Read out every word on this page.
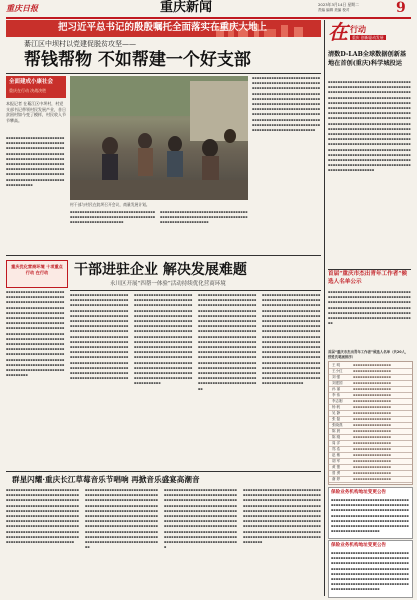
重庆日报	重庆新闻	2023年3月14日 星期二
责编 编辑 美编 校对	9
把习近平总书记的殷殷嘱托全面落实在重庆大地上
綦江区中坝村以党建促脱贫攻坚——
帮钱帮物 不如帮建一个好支部
全面建成小康社会
重庆在行动 决战决胜
本报记者 在綦江区中坝村，村党支部书记带领村民发展产业，昔日贫困村如今变了模样，村民收入节节攀高。
▪▪▪▪▪▪▪▪▪▪▪▪▪▪▪▪▪▪▪▪▪▪▪▪▪▪▪▪▪▪▪▪▪▪▪▪▪▪▪▪▪▪▪▪▪▪▪▪▪▪▪▪▪▪▪▪▪▪▪▪▪▪▪▪▪▪▪▪▪▪▪▪▪▪▪▪▪▪▪▪▪▪▪▪▪▪▪▪▪▪▪▪▪▪▪▪▪▪▪▪▪▪▪▪▪▪▪▪▪▪▪▪▪▪▪▪▪▪▪▪▪▪▪▪▪▪▪▪▪▪▪▪▪▪▪▪▪▪▪▪▪▪▪▪▪▪▪▪▪▪▪▪▪▪▪▪▪▪▪▪▪▪▪▪▪▪▪▪▪▪▪▪▪▪▪▪▪▪▪▪▪▪▪▪▪▪▪▪▪▪▪▪▪▪▪▪▪▪▪▪▪▪▪▪▪▪▪▪▪▪▪▪▪▪▪▪▪▪▪▪▪▪▪▪▪▪▪
村干部与村民在院坝召开会议，商量发展计划。
▪▪▪▪▪▪▪▪▪▪▪▪▪▪▪▪▪▪▪▪▪▪▪▪▪▪▪▪▪▪▪▪▪▪▪▪▪▪▪▪▪▪▪▪▪▪▪▪▪▪▪▪▪▪▪▪▪▪▪▪▪▪▪▪▪▪▪▪▪▪▪▪▪▪▪▪▪▪▪▪▪▪▪▪▪▪▪▪▪▪▪▪
▪▪▪▪▪▪▪▪▪▪▪▪▪▪▪▪▪▪▪▪▪▪▪▪▪▪▪▪▪▪▪▪▪▪▪▪▪▪▪▪▪▪▪▪▪▪▪▪▪▪▪▪▪▪▪▪▪▪▪▪▪▪▪▪▪▪▪▪▪▪▪▪▪▪▪▪▪▪▪▪▪▪▪▪▪▪▪▪▪▪▪▪
▪▪▪▪▪▪▪▪▪▪▪▪▪▪▪▪▪▪▪▪▪▪▪▪▪▪▪▪▪▪▪▪▪▪▪▪▪▪▪▪▪▪▪▪▪▪▪▪▪▪▪▪▪▪▪▪▪▪▪▪▪▪▪▪▪▪▪▪▪▪▪▪▪▪▪▪▪▪▪▪▪▪▪▪▪▪▪▪▪▪▪▪▪▪▪▪▪▪▪▪▪▪▪▪▪▪▪▪▪▪▪▪▪▪▪▪▪▪▪▪▪▪▪▪▪▪▪▪▪▪▪▪▪▪▪▪▪▪▪▪▪▪▪▪▪▪▪▪▪▪▪▪▪▪▪▪▪▪▪▪▪▪▪▪▪▪▪▪▪▪▪▪▪▪▪▪▪▪▪▪▪▪▪▪▪▪▪▪▪▪▪▪▪▪▪▪▪▪▪▪▪▪▪▪▪▪▪▪▪▪▪▪▪▪▪▪▪▪▪▪▪▪▪▪▪▪▪▪▪▪▪▪▪▪▪▪▪▪▪▪▪▪▪▪▪▪▪▪▪▪▪▪▪▪▪▪▪▪▪▪▪▪▪▪▪▪▪▪▪▪▪▪▪▪▪▪▪▪▪▪▪▪▪▪▪▪▪▪▪▪▪▪▪▪▪▪▪▪▪▪▪▪▪▪▪▪
重庆优化营商环境 十项重点行动 在行动
▪▪▪▪▪▪▪▪▪▪▪▪▪▪▪▪▪▪▪▪▪▪▪▪▪▪▪▪▪▪▪▪▪▪▪▪▪▪▪▪▪▪▪▪▪▪▪▪▪▪▪▪▪▪▪▪▪▪▪▪▪▪▪▪▪▪▪▪▪▪▪▪▪▪▪▪▪▪▪▪▪▪▪▪▪▪▪▪▪▪▪▪▪▪▪▪▪▪▪▪▪▪▪▪▪▪▪▪▪▪▪▪▪▪▪▪▪▪▪▪▪▪▪▪▪▪▪▪▪▪▪▪▪▪▪▪▪▪▪▪▪▪▪▪▪▪▪▪▪▪▪▪▪▪▪▪▪▪▪▪▪▪▪▪▪▪▪▪▪▪▪▪▪▪▪▪▪▪▪▪▪▪▪▪▪▪▪▪▪▪▪▪▪▪▪▪▪▪▪▪▪▪▪▪▪▪▪▪▪▪▪▪▪▪▪▪▪▪▪▪▪▪▪▪▪▪▪▪▪▪▪▪▪▪▪▪▪▪▪▪▪▪▪▪▪▪▪▪▪▪▪▪▪▪▪▪▪▪▪▪▪▪▪▪▪▪▪▪▪▪▪▪▪▪▪▪▪▪▪▪▪▪▪▪▪▪▪▪▪▪▪▪▪▪▪▪▪▪▪▪▪▪▪▪▪▪▪▪▪▪▪▪▪▪▪▪▪▪▪▪▪▪▪▪▪▪▪▪▪▪▪▪▪▪▪▪▪▪▪▪▪▪▪▪▪▪▪▪▪▪▪▪▪▪▪▪▪▪▪▪▪▪▪▪▪▪▪▪▪▪▪▪▪▪▪▪▪▪▪▪▪▪▪▪▪▪▪▪▪▪▪▪▪
干部进驻企业 解决发展难题
永川区开展“四帮一体验”活动持续优化营商环境
▪▪▪▪▪▪▪▪▪▪▪▪▪▪▪▪▪▪▪▪▪▪▪▪▪▪▪▪▪▪▪▪▪▪▪▪▪▪▪▪▪▪▪▪▪▪▪▪▪▪▪▪▪▪▪▪▪▪▪▪▪▪▪▪▪▪▪▪▪▪▪▪▪▪▪▪▪▪▪▪▪▪▪▪▪▪▪▪▪▪▪▪▪▪▪▪▪▪▪▪▪▪▪▪▪▪▪▪▪▪▪▪▪▪▪▪▪▪▪▪▪▪▪▪▪▪▪▪▪▪▪▪▪▪▪▪▪▪▪▪▪▪▪▪▪▪▪▪▪▪▪▪▪▪▪▪▪▪▪▪▪▪▪▪▪▪▪▪▪▪▪▪▪▪▪▪▪▪▪▪▪▪▪▪▪▪▪▪▪▪▪▪▪▪▪▪▪▪▪▪▪▪▪▪▪▪▪▪▪▪▪▪▪▪▪▪▪▪▪▪▪▪▪▪▪▪▪▪▪▪▪▪▪▪▪▪▪▪▪▪▪▪▪▪▪▪▪▪▪▪▪▪▪▪▪▪▪▪▪▪▪▪▪▪▪▪▪▪▪▪▪▪▪▪▪▪▪▪▪▪▪▪▪▪▪▪▪▪▪▪▪▪▪▪▪▪▪▪▪▪▪▪▪▪▪▪▪▪▪▪▪▪▪▪▪▪▪▪▪▪▪▪▪▪▪▪▪▪▪▪▪▪▪▪▪▪▪▪▪▪▪▪▪▪▪▪▪▪▪▪▪▪▪▪▪▪▪▪▪▪▪▪▪▪▪▪▪▪▪▪▪▪▪▪▪▪▪▪▪▪▪▪▪▪▪▪▪▪▪▪▪▪▪▪▪▪▪▪▪▪▪▪▪▪▪▪▪▪
▪▪▪▪▪▪▪▪▪▪▪▪▪▪▪▪▪▪▪▪▪▪▪▪▪▪▪▪▪▪▪▪▪▪▪▪▪▪▪▪▪▪▪▪▪▪▪▪▪▪▪▪▪▪▪▪▪▪▪▪▪▪▪▪▪▪▪▪▪▪▪▪▪▪▪▪▪▪▪▪▪▪▪▪▪▪▪▪▪▪▪▪▪▪▪▪▪▪▪▪▪▪▪▪▪▪▪▪▪▪▪▪▪▪▪▪▪▪▪▪▪▪▪▪▪▪▪▪▪▪▪▪▪▪▪▪▪▪▪▪▪▪▪▪▪▪▪▪▪▪▪▪▪▪▪▪▪▪▪▪▪▪▪▪▪▪▪▪▪▪▪▪▪▪▪▪▪▪▪▪▪▪▪▪▪▪▪▪▪▪▪▪▪▪▪▪▪▪▪▪▪▪▪▪▪▪▪▪▪▪▪▪▪▪▪▪▪▪▪▪▪▪▪▪▪▪▪▪▪▪▪▪▪▪▪▪▪▪▪▪▪▪▪▪▪▪▪▪▪▪▪▪▪▪▪▪▪▪▪▪▪▪▪▪▪▪▪▪▪▪▪▪▪▪▪▪▪▪▪▪▪▪▪▪▪▪▪▪▪▪▪▪▪▪▪▪▪▪▪▪▪▪▪▪▪▪▪▪▪▪▪▪▪▪▪▪▪▪▪▪▪▪▪▪▪▪▪▪▪▪▪▪▪▪▪▪▪▪▪▪▪▪▪▪▪▪▪▪▪▪▪▪▪▪▪▪▪▪▪▪▪▪▪▪▪▪▪▪▪▪▪▪▪▪▪▪▪▪▪▪▪▪▪▪▪▪▪▪▪▪▪▪▪▪▪▪▪▪▪▪▪▪▪▪▪▪▪▪▪▪▪▪▪▪▪▪▪▪▪
▪▪▪▪▪▪▪▪▪▪▪▪▪▪▪▪▪▪▪▪▪▪▪▪▪▪▪▪▪▪▪▪▪▪▪▪▪▪▪▪▪▪▪▪▪▪▪▪▪▪▪▪▪▪▪▪▪▪▪▪▪▪▪▪▪▪▪▪▪▪▪▪▪▪▪▪▪▪▪▪▪▪▪▪▪▪▪▪▪▪▪▪▪▪▪▪▪▪▪▪▪▪▪▪▪▪▪▪▪▪▪▪▪▪▪▪▪▪▪▪▪▪▪▪▪▪▪▪▪▪▪▪▪▪▪▪▪▪▪▪▪▪▪▪▪▪▪▪▪▪▪▪▪▪▪▪▪▪▪▪▪▪▪▪▪▪▪▪▪▪▪▪▪▪▪▪▪▪▪▪▪▪▪▪▪▪▪▪▪▪▪▪▪▪▪▪▪▪▪▪▪▪▪▪▪▪▪▪▪▪▪▪▪▪▪▪▪▪▪▪▪▪▪▪▪▪▪▪▪▪▪▪▪▪▪▪▪▪▪▪▪▪▪▪▪▪▪▪▪▪▪▪▪▪▪▪▪▪▪▪▪▪▪▪▪▪▪▪▪▪▪▪▪▪▪▪▪▪▪▪▪▪▪▪▪▪▪▪▪▪▪▪▪▪▪▪▪▪▪▪▪▪▪▪▪▪▪▪▪▪▪▪▪▪▪▪▪▪▪▪▪▪▪▪▪▪▪▪▪▪▪▪▪▪▪▪▪▪▪▪▪▪▪▪▪▪▪▪▪▪▪▪▪▪▪▪▪▪▪▪▪▪▪▪▪▪▪▪▪▪▪▪▪▪▪▪▪▪▪▪▪▪▪▪▪▪▪▪▪▪▪▪▪▪▪▪▪▪▪▪▪▪▪▪▪▪▪▪▪▪▪▪▪▪▪▪▪▪▪▪▪▪▪▪▪▪▪▪▪▪▪▪▪▪
▪▪▪▪▪▪▪▪▪▪▪▪▪▪▪▪▪▪▪▪▪▪▪▪▪▪▪▪▪▪▪▪▪▪▪▪▪▪▪▪▪▪▪▪▪▪▪▪▪▪▪▪▪▪▪▪▪▪▪▪▪▪▪▪▪▪▪▪▪▪▪▪▪▪▪▪▪▪▪▪▪▪▪▪▪▪▪▪▪▪▪▪▪▪▪▪▪▪▪▪▪▪▪▪▪▪▪▪▪▪▪▪▪▪▪▪▪▪▪▪▪▪▪▪▪▪▪▪▪▪▪▪▪▪▪▪▪▪▪▪▪▪▪▪▪▪▪▪▪▪▪▪▪▪▪▪▪▪▪▪▪▪▪▪▪▪▪▪▪▪▪▪▪▪▪▪▪▪▪▪▪▪▪▪▪▪▪▪▪▪▪▪▪▪▪▪▪▪▪▪▪▪▪▪▪▪▪▪▪▪▪▪▪▪▪▪▪▪▪▪▪▪▪▪▪▪▪▪▪▪▪▪▪▪▪▪▪▪▪▪▪▪▪▪▪▪▪▪▪▪▪▪▪▪▪▪▪▪▪▪▪▪▪▪▪▪▪▪▪▪▪▪▪▪▪▪▪▪▪▪▪▪▪▪▪▪▪▪▪▪▪▪▪▪▪▪▪▪▪▪▪▪▪▪▪▪▪▪▪▪▪▪▪▪▪▪▪▪▪▪▪▪▪▪▪▪▪▪▪▪▪▪▪▪▪▪▪▪▪▪▪▪▪▪▪▪▪▪▪▪▪▪▪▪▪▪▪▪▪▪▪▪▪▪▪▪▪▪▪▪▪▪▪▪▪▪▪▪▪▪▪▪▪▪▪▪▪▪▪▪▪▪▪▪▪▪▪▪▪▪▪▪▪▪▪▪▪▪▪▪▪▪▪▪▪▪▪▪▪▪▪▪▪▪▪
群星闪耀·重庆长江草莓音乐节唱响 再掀音乐盛宴高潮音
▪▪▪▪▪▪▪▪▪▪▪▪▪▪▪▪▪▪▪▪▪▪▪▪▪▪▪▪▪▪▪▪▪▪▪▪▪▪▪▪▪▪▪▪▪▪▪▪▪▪▪▪▪▪▪▪▪▪▪▪▪▪▪▪▪▪▪▪▪▪▪▪▪▪▪▪▪▪▪▪▪▪▪▪▪▪▪▪▪▪▪▪▪▪▪▪▪▪▪▪▪▪▪▪▪▪▪▪▪▪▪▪▪▪▪▪▪▪▪▪▪▪▪▪▪▪▪▪▪▪▪▪▪▪▪▪▪▪▪▪▪▪▪▪▪▪▪▪▪▪▪▪▪▪▪▪▪▪▪▪▪▪▪▪▪▪▪▪▪▪▪▪▪▪▪▪▪▪▪▪▪▪▪▪▪▪▪▪▪▪▪▪▪▪▪▪▪▪▪▪▪▪▪▪▪▪▪▪▪▪▪▪▪▪▪▪▪▪▪▪▪▪▪▪▪▪▪▪▪▪▪▪▪▪▪▪▪▪▪▪▪▪▪▪▪▪▪▪▪▪▪▪▪▪▪▪▪▪▪▪▪▪▪▪▪▪▪▪▪▪▪▪▪▪▪▪▪▪▪▪▪▪▪▪▪▪▪▪▪▪▪▪▪▪▪▪▪▪▪▪▪▪▪▪▪▪▪▪▪▪▪▪▪▪▪▪▪▪▪▪▪▪▪▪▪▪▪▪
▪▪▪▪▪▪▪▪▪▪▪▪▪▪▪▪▪▪▪▪▪▪▪▪▪▪▪▪▪▪▪▪▪▪▪▪▪▪▪▪▪▪▪▪▪▪▪▪▪▪▪▪▪▪▪▪▪▪▪▪▪▪▪▪▪▪▪▪▪▪▪▪▪▪▪▪▪▪▪▪▪▪▪▪▪▪▪▪▪▪▪▪▪▪▪▪▪▪▪▪▪▪▪▪▪▪▪▪▪▪▪▪▪▪▪▪▪▪▪▪▪▪▪▪▪▪▪▪▪▪▪▪▪▪▪▪▪▪▪▪▪▪▪▪▪▪▪▪▪▪▪▪▪▪▪▪▪▪▪▪▪▪▪▪▪▪▪▪▪▪▪▪▪▪▪▪▪▪▪▪▪▪▪▪▪▪▪▪▪▪▪▪▪▪▪▪▪▪▪▪▪▪▪▪▪▪▪▪▪▪▪▪▪▪▪▪▪▪▪▪▪▪▪▪▪▪▪▪▪▪▪▪▪▪▪▪▪▪▪▪▪▪▪▪▪▪▪▪▪▪▪▪▪▪▪▪▪▪▪▪▪▪▪▪▪▪▪▪▪▪▪▪▪▪▪▪▪▪▪▪▪▪▪▪▪▪▪▪▪▪▪▪▪▪▪▪▪▪▪▪▪▪▪▪▪▪▪▪▪▪▪▪▪▪▪▪▪▪▪▪▪▪▪▪▪▪▪▪▪▪▪▪
▪▪▪▪▪▪▪▪▪▪▪▪▪▪▪▪▪▪▪▪▪▪▪▪▪▪▪▪▪▪▪▪▪▪▪▪▪▪▪▪▪▪▪▪▪▪▪▪▪▪▪▪▪▪▪▪▪▪▪▪▪▪▪▪▪▪▪▪▪▪▪▪▪▪▪▪▪▪▪▪▪▪▪▪▪▪▪▪▪▪▪▪▪▪▪▪▪▪▪▪▪▪▪▪▪▪▪▪▪▪▪▪▪▪▪▪▪▪▪▪▪▪▪▪▪▪▪▪▪▪▪▪▪▪▪▪▪▪▪▪▪▪▪▪▪▪▪▪▪▪▪▪▪▪▪▪▪▪▪▪▪▪▪▪▪▪▪▪▪▪▪▪▪▪▪▪▪▪▪▪▪▪▪▪▪▪▪▪▪▪▪▪▪▪▪▪▪▪▪▪▪▪▪▪▪▪▪▪▪▪▪▪▪▪▪▪▪▪▪▪▪▪▪▪▪▪▪▪▪▪▪▪▪▪▪▪▪▪▪▪▪▪▪▪▪▪▪▪▪▪▪▪▪▪▪▪▪▪▪▪▪▪▪▪▪▪▪▪▪▪▪▪▪▪▪▪▪▪▪▪▪▪▪▪▪▪▪▪▪▪▪▪▪▪▪▪▪▪▪▪▪▪▪▪▪▪▪▪▪▪▪▪▪▪▪▪▪▪▪▪▪▪▪▪▪▪▪▪▪▪▪
▪▪▪▪▪▪▪▪▪▪▪▪▪▪▪▪▪▪▪▪▪▪▪▪▪▪▪▪▪▪▪▪▪▪▪▪▪▪▪▪▪▪▪▪▪▪▪▪▪▪▪▪▪▪▪▪▪▪▪▪▪▪▪▪▪▪▪▪▪▪▪▪▪▪▪▪▪▪▪▪▪▪▪▪▪▪▪▪▪▪▪▪▪▪▪▪▪▪▪▪▪▪▪▪▪▪▪▪▪▪▪▪▪▪▪▪▪▪▪▪▪▪▪▪▪▪▪▪▪▪▪▪▪▪▪▪▪▪▪▪▪▪▪▪▪▪▪▪▪▪▪▪▪▪▪▪▪▪▪▪▪▪▪▪▪▪▪▪▪▪▪▪▪▪▪▪▪▪▪▪▪▪▪▪▪▪▪▪▪▪▪▪▪▪▪▪▪▪▪▪▪▪▪▪▪▪▪▪▪▪▪▪▪▪▪▪▪▪▪▪▪▪▪▪▪▪▪▪▪▪▪▪▪▪▪▪▪▪▪▪▪▪▪▪▪▪▪▪▪▪▪▪▪▪▪▪▪▪▪▪▪▪▪▪▪▪▪▪▪▪▪▪▪▪▪▪▪▪▪▪▪▪▪▪▪▪▪▪▪▪▪▪▪▪▪▪▪▪▪▪▪▪▪▪▪▪▪▪▪▪▪▪▪▪▪▪▪▪▪▪▪▪▪▪▪▪▪▪
在 行动
重庆 创新驱动发展
清数D-LAB全球数据创新基地在首创(重庆)科学城投运
▪▪▪▪▪▪▪▪▪▪▪▪▪▪▪▪▪▪▪▪▪▪▪▪▪▪▪▪▪▪▪▪▪▪▪▪▪▪▪▪▪▪▪▪▪▪▪▪▪▪▪▪▪▪▪▪▪▪▪▪▪▪▪▪▪▪▪▪▪▪▪▪▪▪▪▪▪▪▪▪▪▪▪▪▪▪▪▪▪▪▪▪▪▪▪▪▪▪▪▪▪▪▪▪▪▪▪▪▪▪▪▪▪▪▪▪▪▪▪▪▪▪▪▪▪▪▪▪▪▪▪▪▪▪▪▪▪▪▪▪▪▪▪▪▪▪▪▪▪▪▪▪▪▪▪▪▪▪▪▪▪▪▪▪▪▪▪▪▪▪▪▪▪▪▪▪▪▪▪▪▪▪▪▪▪▪▪▪▪▪▪▪▪▪▪▪▪▪▪▪▪▪▪▪▪▪▪▪▪▪▪▪▪▪▪▪▪▪▪▪▪▪▪▪▪▪▪▪▪▪▪▪▪▪▪▪▪▪▪▪▪▪▪▪▪▪▪▪▪▪▪▪▪▪▪▪▪▪▪▪▪▪▪▪▪▪▪▪▪▪▪▪▪▪▪▪▪▪▪▪▪▪▪▪▪▪▪▪▪▪▪▪▪▪▪▪▪▪▪▪▪▪▪▪▪▪▪▪▪▪▪▪▪▪▪▪▪▪▪▪▪▪▪▪▪▪▪▪▪▪▪▪▪▪▪▪▪▪▪▪▪▪▪▪▪▪▪▪▪▪▪▪▪▪▪▪▪▪▪▪▪▪▪▪▪▪▪▪▪▪▪▪▪▪▪▪▪▪▪▪▪▪▪▪▪▪▪▪▪▪▪▪▪▪▪▪▪▪▪▪▪▪▪▪▪▪▪▪▪▪▪▪▪▪▪▪▪▪▪▪▪▪▪▪▪▪▪▪▪▪▪▪▪▪▪▪▪▪▪▪▪▪▪▪▪▪▪▪▪▪▪▪▪▪▪▪▪▪▪▪▪▪▪▪▪▪▪▪▪▪▪▪▪▪▪▪▪▪▪▪▪▪▪▪▪▪▪▪▪▪▪▪▪▪▪▪▪▪▪▪▪▪▪▪▪▪▪▪▪▪▪▪▪▪▪▪▪▪▪▪▪▪▪▪▪▪▪▪▪▪▪▪▪▪▪▪▪▪▪▪▪▪▪▪▪▪▪▪▪▪▪▪▪▪▪▪▪▪▪▪▪▪▪▪▪▪▪▪▪▪▪▪▪▪▪▪▪▪▪▪▪▪▪▪▪▪▪▪▪▪▪▪▪▪▪▪▪
首届“重庆市杰出青年工作者”候选人名单公示
▪▪▪▪▪▪▪▪▪▪▪▪▪▪▪▪▪▪▪▪▪▪▪▪▪▪▪▪▪▪▪▪▪▪▪▪▪▪▪▪▪▪▪▪▪▪▪▪▪▪▪▪▪▪▪▪▪▪▪▪▪▪▪▪▪▪▪▪▪▪▪▪▪▪▪▪▪▪▪▪▪▪▪▪▪▪▪▪▪▪▪▪▪▪▪▪▪▪▪▪▪▪▪▪▪▪▪▪▪▪▪▪▪▪▪▪▪▪▪▪▪▪▪▪▪▪▪▪▪▪▪▪▪▪▪▪▪▪▪▪▪▪▪▪▪▪▪▪▪▪▪▪▪▪▪▪▪▪▪▪▪▪▪▪▪▪▪▪▪▪▪▪▪▪▪▪▪▪▪▪▪▪▪▪▪▪▪▪▪▪▪▪▪▪▪▪▪▪▪▪▪▪▪▪▪▪
首届“重庆市杰出青年工作者”候选人名单（共20人，按姓氏笔画排序）
王 明	▪▪▪▪▪▪▪▪▪▪▪▪▪▪▪▪
王小红	▪▪▪▪▪▪▪▪▪▪▪▪▪▪▪▪
刘 强	▪▪▪▪▪▪▪▪▪▪▪▪▪▪▪▪
刘建国	▪▪▪▪▪▪▪▪▪▪▪▪▪▪▪▪
孙 丽	▪▪▪▪▪▪▪▪▪▪▪▪▪▪▪▪
李 伟	▪▪▪▪▪▪▪▪▪▪▪▪▪▪▪▪
李志刚	▪▪▪▪▪▪▪▪▪▪▪▪▪▪▪▪
杨 帆	▪▪▪▪▪▪▪▪▪▪▪▪▪▪▪▪
吴 静	▪▪▪▪▪▪▪▪▪▪▪▪▪▪▪▪
张 磊	▪▪▪▪▪▪▪▪▪▪▪▪▪▪▪▪
张晓燕	▪▪▪▪▪▪▪▪▪▪▪▪▪▪▪▪
陈 晨	▪▪▪▪▪▪▪▪▪▪▪▪▪▪▪▪
陈 刚	▪▪▪▪▪▪▪▪▪▪▪▪▪▪▪▪
周 洋	▪▪▪▪▪▪▪▪▪▪▪▪▪▪▪▪
郑 浩	▪▪▪▪▪▪▪▪▪▪▪▪▪▪▪▪
赵 敏	▪▪▪▪▪▪▪▪▪▪▪▪▪▪▪▪
胡 军	▪▪▪▪▪▪▪▪▪▪▪▪▪▪▪▪
黄 蕾	▪▪▪▪▪▪▪▪▪▪▪▪▪▪▪▪
曾 勇	▪▪▪▪▪▪▪▪▪▪▪▪▪▪▪▪
谢 婷	▪▪▪▪▪▪▪▪▪▪▪▪▪▪▪▪
保险业务机构地址变更公告
▪▪▪▪▪▪▪▪▪▪▪▪▪▪▪▪▪▪▪▪▪▪▪▪▪▪▪▪▪▪▪▪▪▪▪▪▪▪▪▪▪▪▪▪▪▪▪▪▪▪▪▪▪▪▪▪▪▪▪▪▪▪▪▪▪▪▪▪▪▪▪▪▪▪▪▪▪▪▪▪▪▪▪▪▪▪▪▪▪▪▪▪▪▪▪▪▪▪▪▪▪▪▪▪▪▪▪▪▪▪▪▪▪▪▪▪▪▪▪▪▪▪▪▪▪▪▪▪▪▪▪▪▪▪▪▪▪▪▪▪▪▪▪▪▪▪▪▪▪▪▪▪▪▪▪▪▪▪▪▪▪▪▪▪▪▪▪▪▪▪▪▪▪▪▪▪▪▪▪▪▪▪▪▪▪▪▪▪▪▪▪▪▪▪▪▪▪▪▪▪▪▪▪▪▪▪▪▪▪▪▪▪
保险业务机构地址变更公告
▪▪▪▪▪▪▪▪▪▪▪▪▪▪▪▪▪▪▪▪▪▪▪▪▪▪▪▪▪▪▪▪▪▪▪▪▪▪▪▪▪▪▪▪▪▪▪▪▪▪▪▪▪▪▪▪▪▪▪▪▪▪▪▪▪▪▪▪▪▪▪▪▪▪▪▪▪▪▪▪▪▪▪▪▪▪▪▪▪▪▪▪▪▪▪▪▪▪▪▪▪▪▪▪▪▪▪▪▪▪▪▪▪▪▪▪▪▪▪▪▪▪▪▪▪▪▪▪▪▪▪▪▪▪▪▪▪▪▪▪▪▪▪▪▪▪▪▪▪▪▪▪▪▪▪▪▪▪▪▪▪▪▪▪▪▪▪▪▪▪▪▪▪▪▪▪▪▪▪▪▪▪▪▪▪▪▪▪▪▪▪▪▪▪▪▪▪▪▪▪▪▪▪▪▪▪▪▪▪▪▪▪▪▪▪▪▪▪▪▪▪▪▪▪▪▪▪▪▪▪▪▪▪▪▪▪▪▪▪▪▪▪▪▪
